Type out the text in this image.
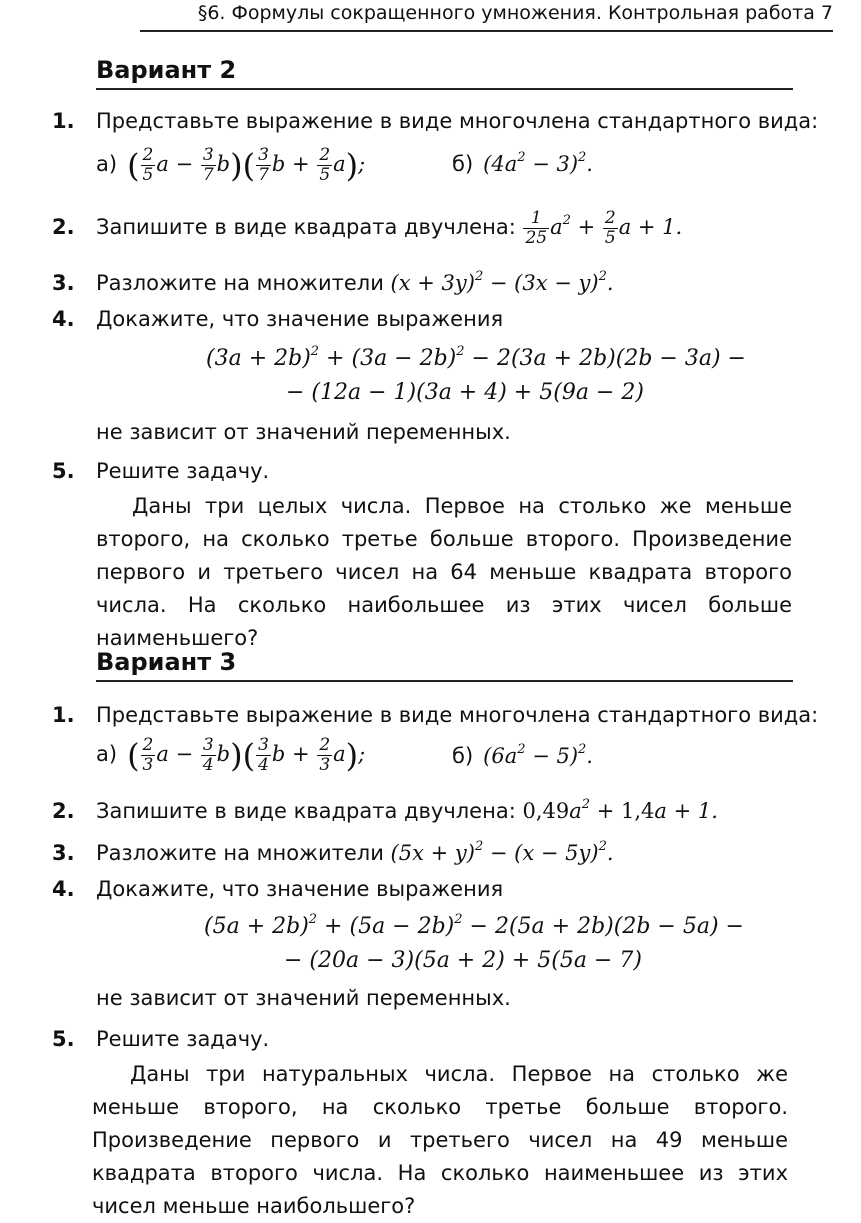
§6. Формулы сокращенного умножения. Контрольная работа 7
Вариант 2
1. Представьте выражение в виде многочлена стандартного вида:
а) ( $\frac{2}{5}$ $a - \frac{3}{7} b)( \frac{3}{7}$ $b + \frac{2}{5} a$);	б) $(4a^2 - 3)^2$.
2. Запишите в виде квадрата двучлена: $\frac{1}{25} a^2 + \frac{2}{5}$ a + 1.
3. Разложите на множители $(x + 3y)^2 - (3x - y)^2$.
4. Докажите, что значение выражения
$(3a + 2b)^2 + (3a - 2b)^2 - 2(3a + 2b)(2b - 3a)$ −
− (12a − 1)(3a + 4) + 5(9a − 2)
не зависит от значений переменных.
5. Решите задачу.
Даны три целых числа. Первое на столько же меньше второго, на сколько третье больше второго. Произведение первого и третьего чисел на 64 меньше квадрата второго числа. На сколько наибольшее из этих чисел больше наименьшего?
Вариант 3
1. Представьте выражение в виде многочлена стандартного вида:
а) ( $\frac{2}{3}$ $a - \frac{3}{4} b)( \frac{3}{4}$ $b + \frac{2}{3} a$);	б) $(6a^2 - 5)^2$.
2. Запишите в виде квадрата двучлена: $0,49a^2 + 1,4a + 1$.
3. Разложите на множители $(5x + y)^2 - (x - 5y)^2$.
4. Докажите, что значение выражения
$(5a + 2b)^2 + (5a - 2b)^2 - 2(5a + 2b)(2b - 5a)$ −
− (20a − 3)(5a + 2) + 5(5a − 7)
не зависит от значений переменных.
5. Решите задачу.
Даны три натуральных числа. Первое на столько же меньше второго, на сколько третье больше второго. Произведение первого и третьего чисел на 49 меньше квадрата второго числа. На сколько наименьшее из этих чисел меньше наибольшего?
